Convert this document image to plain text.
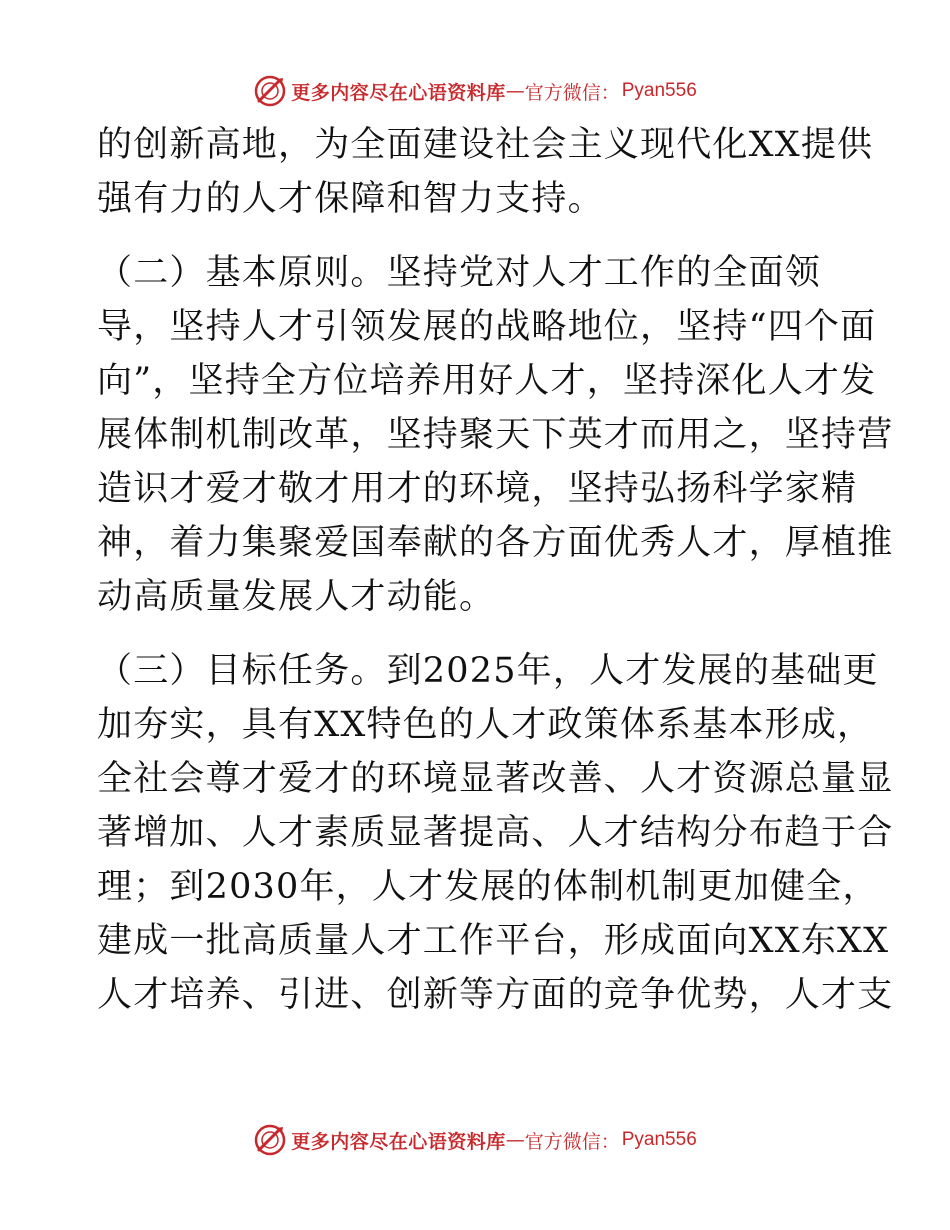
更多内容尽在心语资料库 — 官方微信： Pyan556

的创新高地，为全面建设社会主义现代化XX提供

强有力的人才保障和智力支持。

（二）基本原则。坚持党对人才工作的全面领

导，坚持人才引领发展的战略地位，坚持“四个面

向”，坚持全方位培养用好人才，坚持深化人才发

展体制机制改革，坚持聚天下英才而用之，坚持营

造识才爱才敬才用才的环境，坚持弘扬科学家精

神，着力集聚爱国奉献的各方面优秀人才，厚植推

动高质量发展人才动能。

（三）目标任务。到2025年，人才发展的基础更

加夯实，具有XX特色的人才政策体系基本形成，

全社会尊才爱才的环境显著改善、人才资源总量显

著增加、人才素质显著提高、人才结构分布趋于合

理；到2030年，人才发展的体制机制更加健全，

建成一批高质量人才工作平台，形成面向XX东XX

人才培养、引进、创新等方面的竞争优势，人才支

更多内容尽在心语资料库 — 官方微信： Pyan556
